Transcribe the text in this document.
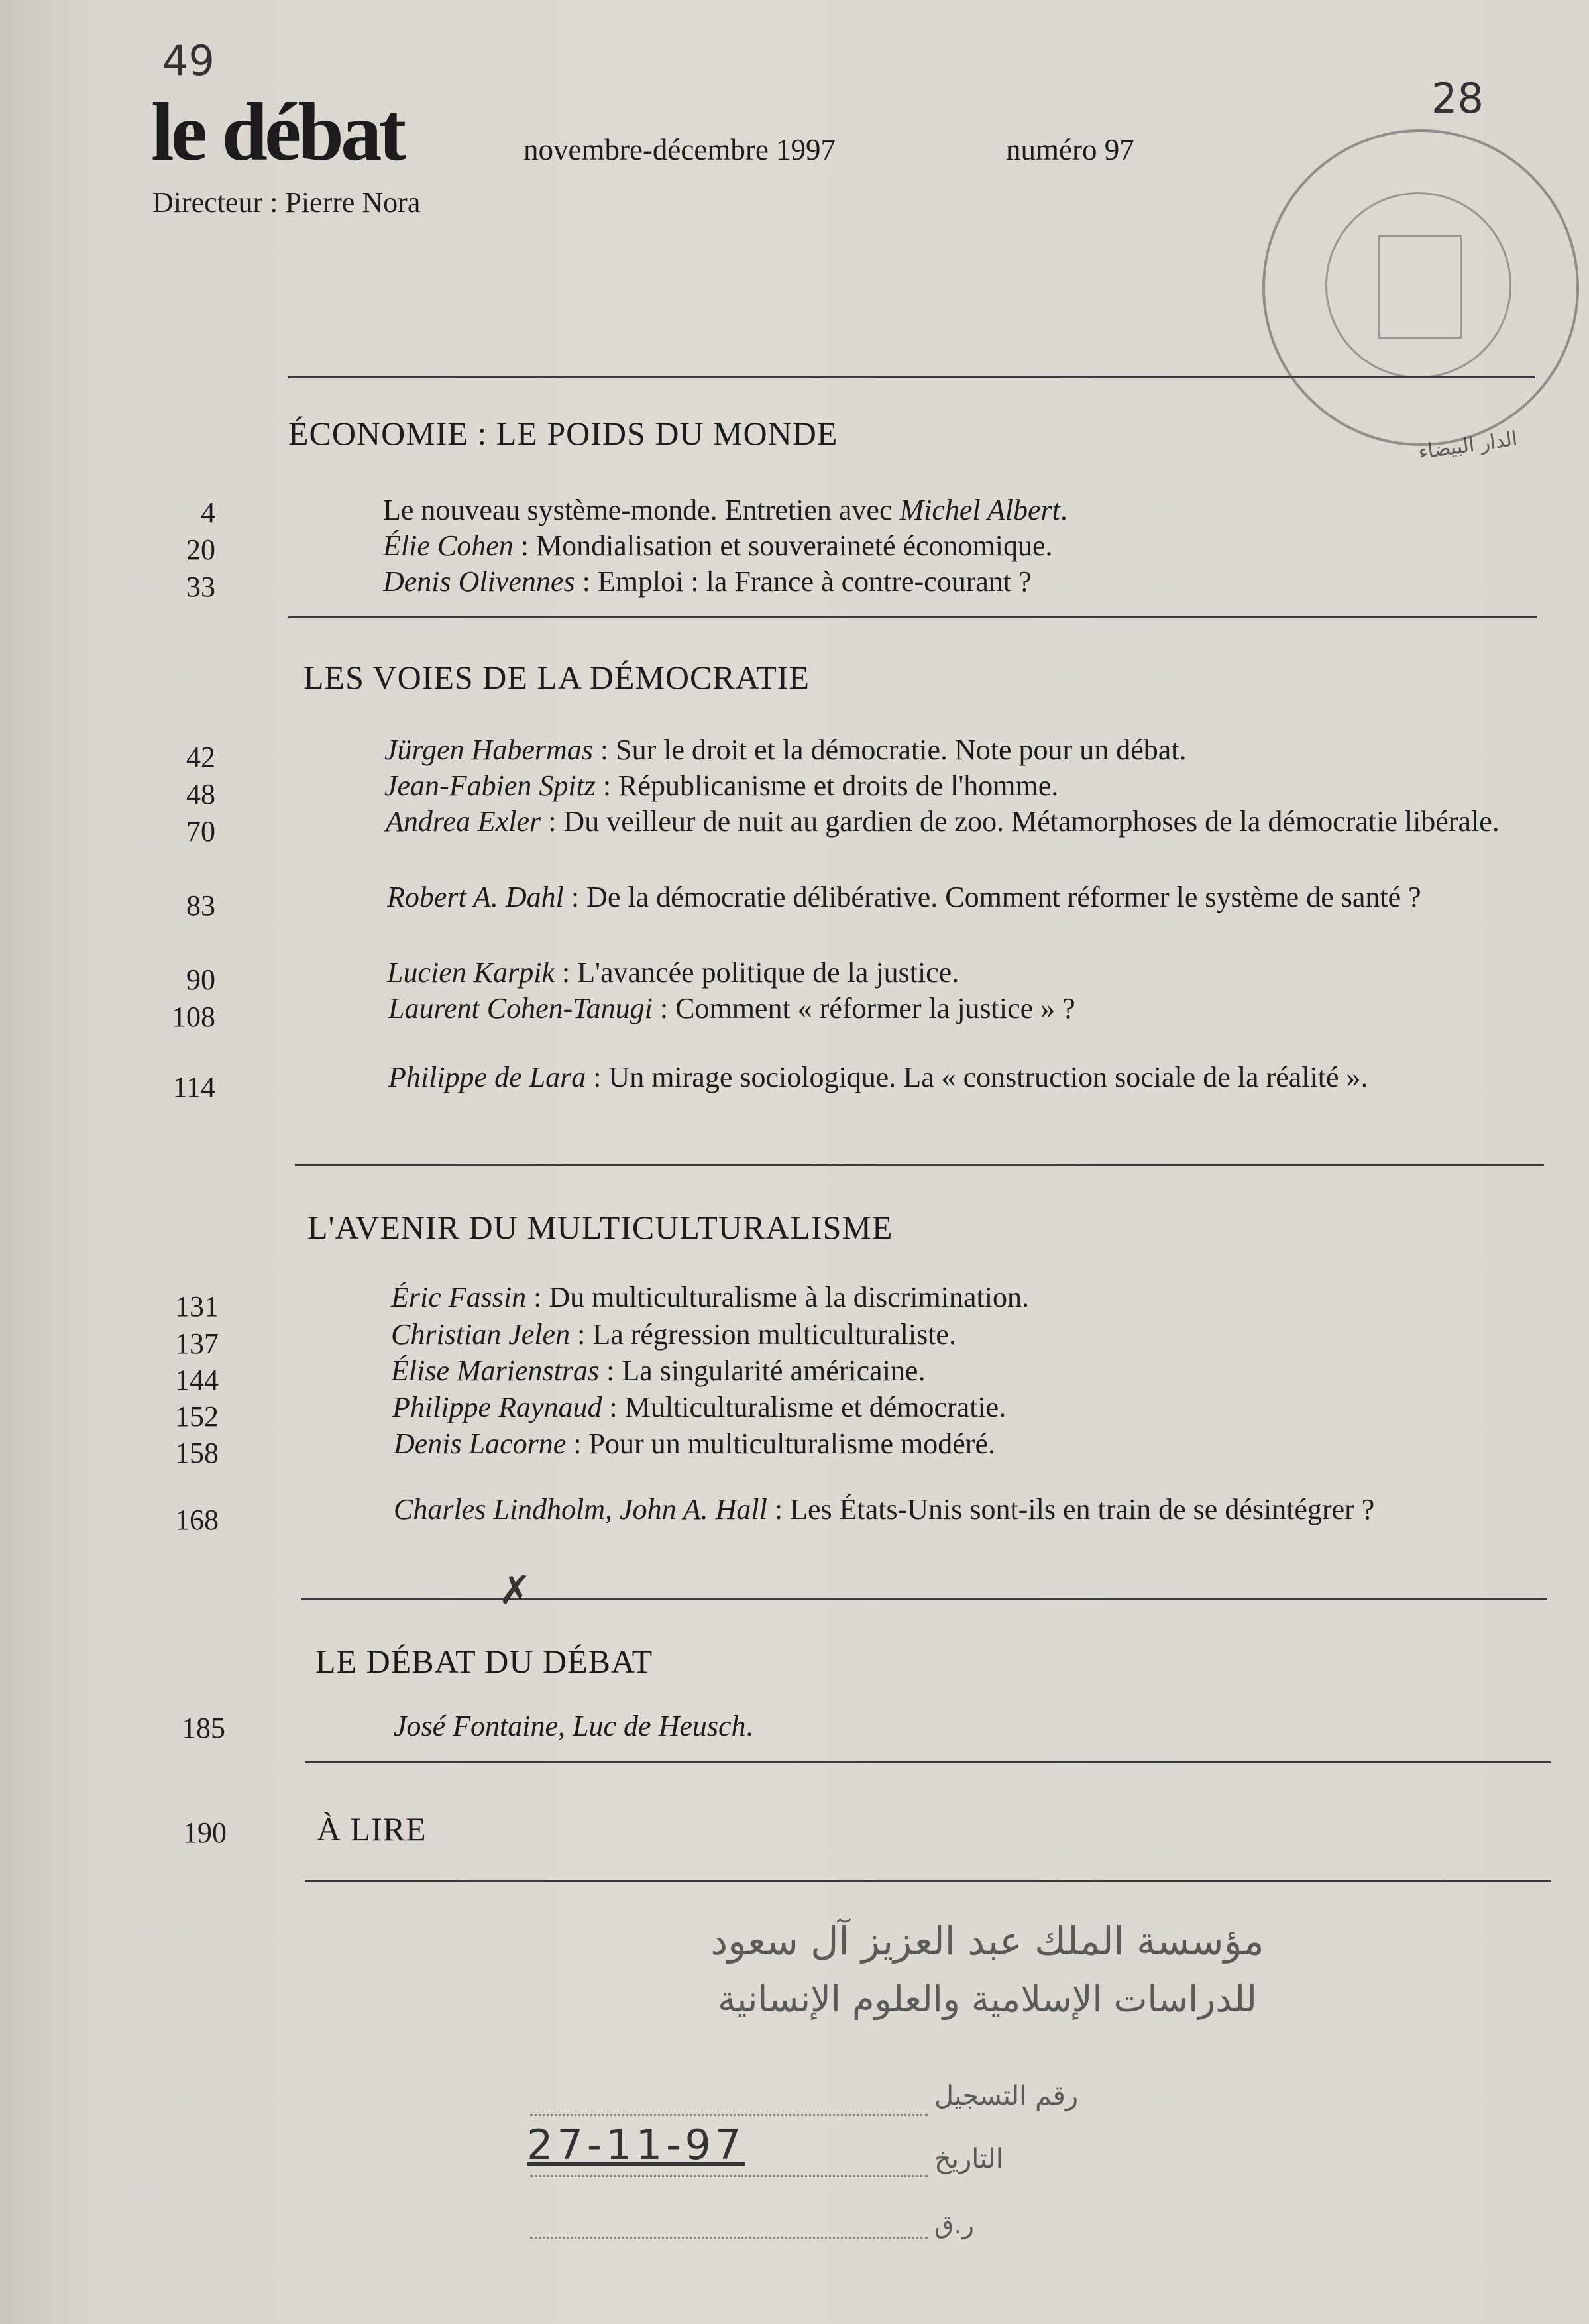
49
28
le débat	novembre-décembre 1997	numéro 97
Directeur : Pierre Nora
الدار البيضاء
ÉCONOMIE : LE POIDS DU MONDE
4	Le nouveau système-monde. Entretien avec Michel Albert.
20	Élie Cohen : Mondialisation et souveraineté économique.
33	Denis Olivennes : Emploi : la France à contre-courant ?
LES VOIES DE LA DÉMOCRATIE
42	Jürgen Habermas : Sur le droit et la démocratie. Note pour un débat.
48	Jean-Fabien Spitz : Républicanisme et droits de l'homme.
70	Andrea Exler : Du veilleur de nuit au gardien de zoo. Métamorphoses de la démocratie libérale.
83	Robert A. Dahl : De la démocratie délibérative. Comment réformer le système de santé ?
90	Lucien Karpik : L'avancée politique de la justice.
108	Laurent Cohen-Tanugi : Comment « réformer la justice » ?
114	Philippe de Lara : Un mirage sociologique. La « construction sociale de la réalité ».
L'AVENIR DU MULTICULTURALISME
131	Éric Fassin : Du multiculturalisme à la discrimination.
137	Christian Jelen : La régression multiculturaliste.
144	Élise Marienstras : La singularité américaine.
152	Philippe Raynaud : Multiculturalisme et démocratie.
158	Denis Lacorne : Pour un multiculturalisme modéré.
168	Charles Lindholm, John A. Hall : Les États-Unis sont-ils en train de se désintégrer ?
✗
LE DÉBAT DU DÉBAT
185	José Fontaine, Luc de Heusch.
190	À LIRE
مؤسسة الملك عبد العزيز آل سعود
للدراسات الإسلامية والعلوم الإنسانية
رقم التسجيل
27-11-97	التاريخ
ر.ق
